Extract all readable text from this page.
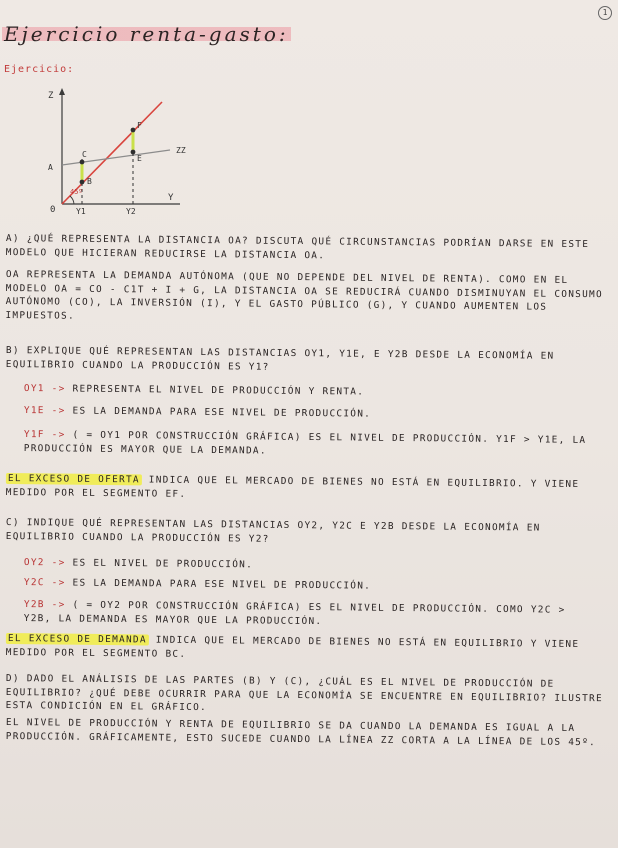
1
Ejercicio renta-gasto:
Ejercicio:
Z
Y
0
A
ZZ
45º
B
C	E
F
Y1	Y2
A) ¿QUÉ REPRESENTA LA DISTANCIA OA? DISCUTA QUÉ CIRCUNSTANCIAS PODRÍAN DARSE EN ESTE MODELO QUE HICIERAN REDUCIRSE LA DISTANCIA OA.
OA REPRESENTA LA DEMANDA AUTÓNOMA (QUE NO DEPENDE DEL NIVEL DE RENTA). COMO EN EL MODELO OA = CO - C1T + I + G, LA DISTANCIA OA SE REDUCIRÁ CUANDO DISMINUYAN EL CONSUMO AUTÓNOMO (CO), LA INVERSIÓN (I), Y EL GASTO PÚBLICO (G), Y CUANDO AUMENTEN LOS IMPUESTOS.
B) EXPLIQUE QUÉ REPRESENTAN LAS DISTANCIAS OY1, Y1E, E Y2B DESDE LA ECONOMÍA EN EQUILIBRIO CUANDO LA PRODUCCIÓN ES Y1?
OY1 -> REPRESENTA EL NIVEL DE PRODUCCIÓN Y RENTA.
Y1E -> ES LA DEMANDA PARA ESE NIVEL DE PRODUCCIÓN.
Y1F -> ( = OY1 POR CONSTRUCCIÓN GRÁFICA) ES EL NIVEL DE PRODUCCIÓN. Y1F > Y1E, LA PRODUCCIÓN ES MAYOR QUE LA DEMANDA.
EL EXCESO DE OFERTA INDICA QUE EL MERCADO DE BIENES NO ESTÁ EN EQUILIBRIO. Y VIENE MEDIDO POR EL SEGMENTO EF.
C) INDIQUE QUÉ REPRESENTAN LAS DISTANCIAS OY2, Y2C E Y2B DESDE LA ECONOMÍA EN EQUILIBRIO CUANDO LA PRODUCCIÓN ES Y2?
OY2 -> ES EL NIVEL DE PRODUCCIÓN.
Y2C -> ES LA DEMANDA PARA ESE NIVEL DE PRODUCCIÓN.
Y2B -> ( = OY2 POR CONSTRUCCIÓN GRÁFICA) ES EL NIVEL DE PRODUCCIÓN. COMO Y2C > Y2B, LA DEMANDA ES MAYOR QUE LA PRODUCCIÓN.
EL EXCESO DE DEMANDA INDICA QUE EL MERCADO DE BIENES NO ESTÁ EN EQUILIBRIO Y VIENE MEDIDO POR EL SEGMENTO BC.
D) DADO EL ANÁLISIS DE LAS PARTES (B) Y (C), ¿CUÁL ES EL NIVEL DE PRODUCCIÓN DE EQUILIBRIO? ¿QUÉ DEBE OCURRIR PARA QUE LA ECONOMÍA SE ENCUENTRE EN EQUILIBRIO? ILUSTRE ESTA CONDICIÓN EN EL GRÁFICO.
EL NIVEL DE PRODUCCIÓN Y RENTA DE EQUILIBRIO SE DA CUANDO LA DEMANDA ES IGUAL A LA PRODUCCIÓN. GRÁFICAMENTE, ESTO SUCEDE CUANDO LA LÍNEA ZZ CORTA A LA LÍNEA DE LOS 45º.
